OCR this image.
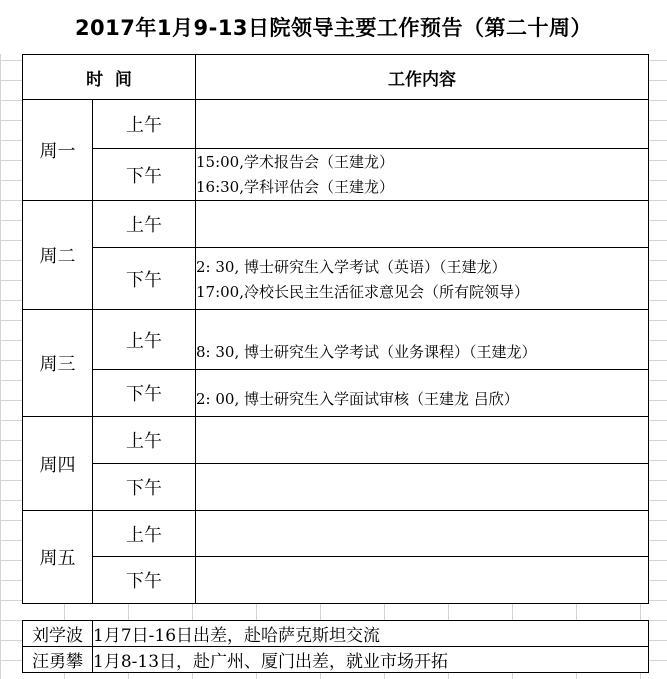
2017年1月9-13日院领导主要工作预告（第二十周）
时  间		工作内容
周一	上午	
	下午	15:00,学术报告会（王建龙）
16:30,学科评估会（王建龙）

周二	上午	
	下午	2: 30, 博士研究生入学考试（英语）（王建龙）
17:00,冷校长民主生活征求意见会（所有院领导）

周三	上午	8: 30, 博士研究生入学考试（业务课程）（王建龙）

	下午	2: 00, 博士研究生入学面试审核（王建龙 吕欣）

周四	上午	
	下午	
周五	上午	
	下午	
刘学波	1月7日-16日出差，赴哈萨克斯坦交流
汪勇攀	1月8-13日，赴广州、厦门出差，就业市场开拓
